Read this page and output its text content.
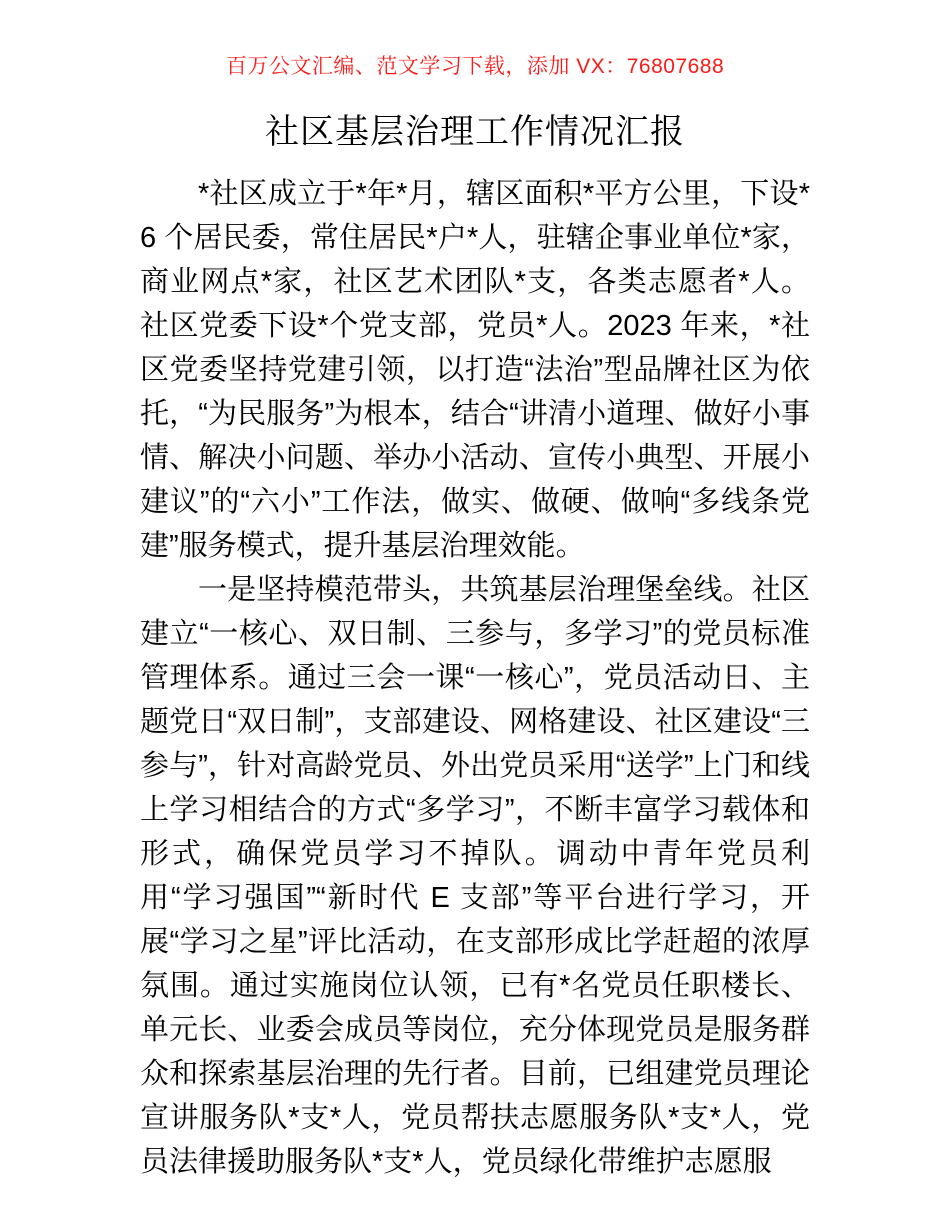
百万公文汇编、范文学习下载，添加 VX：76807688
社区基层治理工作情况汇报

*社区成立于*年*月，辖区面积*平方公里，下设*6 个居民委，常住居民*户*人，驻辖企事业单位*家，商业网点*家，社区艺术团队*支，各类志愿者*人。社区党委下设*个党支部，党员*人。2023 年来，*社区党委坚持党建引领，以打造“法治”型品牌社区为依托，“为民服务”为根本，结合“讲清小道理、做好小事情、解决小问题、举办小活动、宣传小典型、开展小建议”的“六小”工作法，做实、做硬、做响“多线条党建”服务模式，提升基层治理效能。

一是坚持模范带头，共筑基层治理堡垒线。社区建立“一核心、双日制、三参与，多学习”的党员标准管理体系。通过三会一课“一核心”，党员活动日、主题党日“双日制”，支部建设、网格建设、社区建设“三参与”，针对高龄党员、外出党员采用“送学”上门和线上学习相结合的方式“多学习”，不断丰富学习载体和形式，确保党员学习不掉队。调动中青年党员利用“学习强国”“新时代 E 支部”等平台进行学习，开展“学习之星”评比活动，在支部形成比学赶超的浓厚氛围。通过实施岗位认领，已有*名党员任职楼长、单元长、业委会成员等岗位，充分体现党员是服务群众和探索基层治理的先行者。目前，已组建党员理论宣讲服务队*支*人，党员帮扶志愿服务队*支*人，党员法律援助服务队*支*人，党员绿化带维护志愿服
